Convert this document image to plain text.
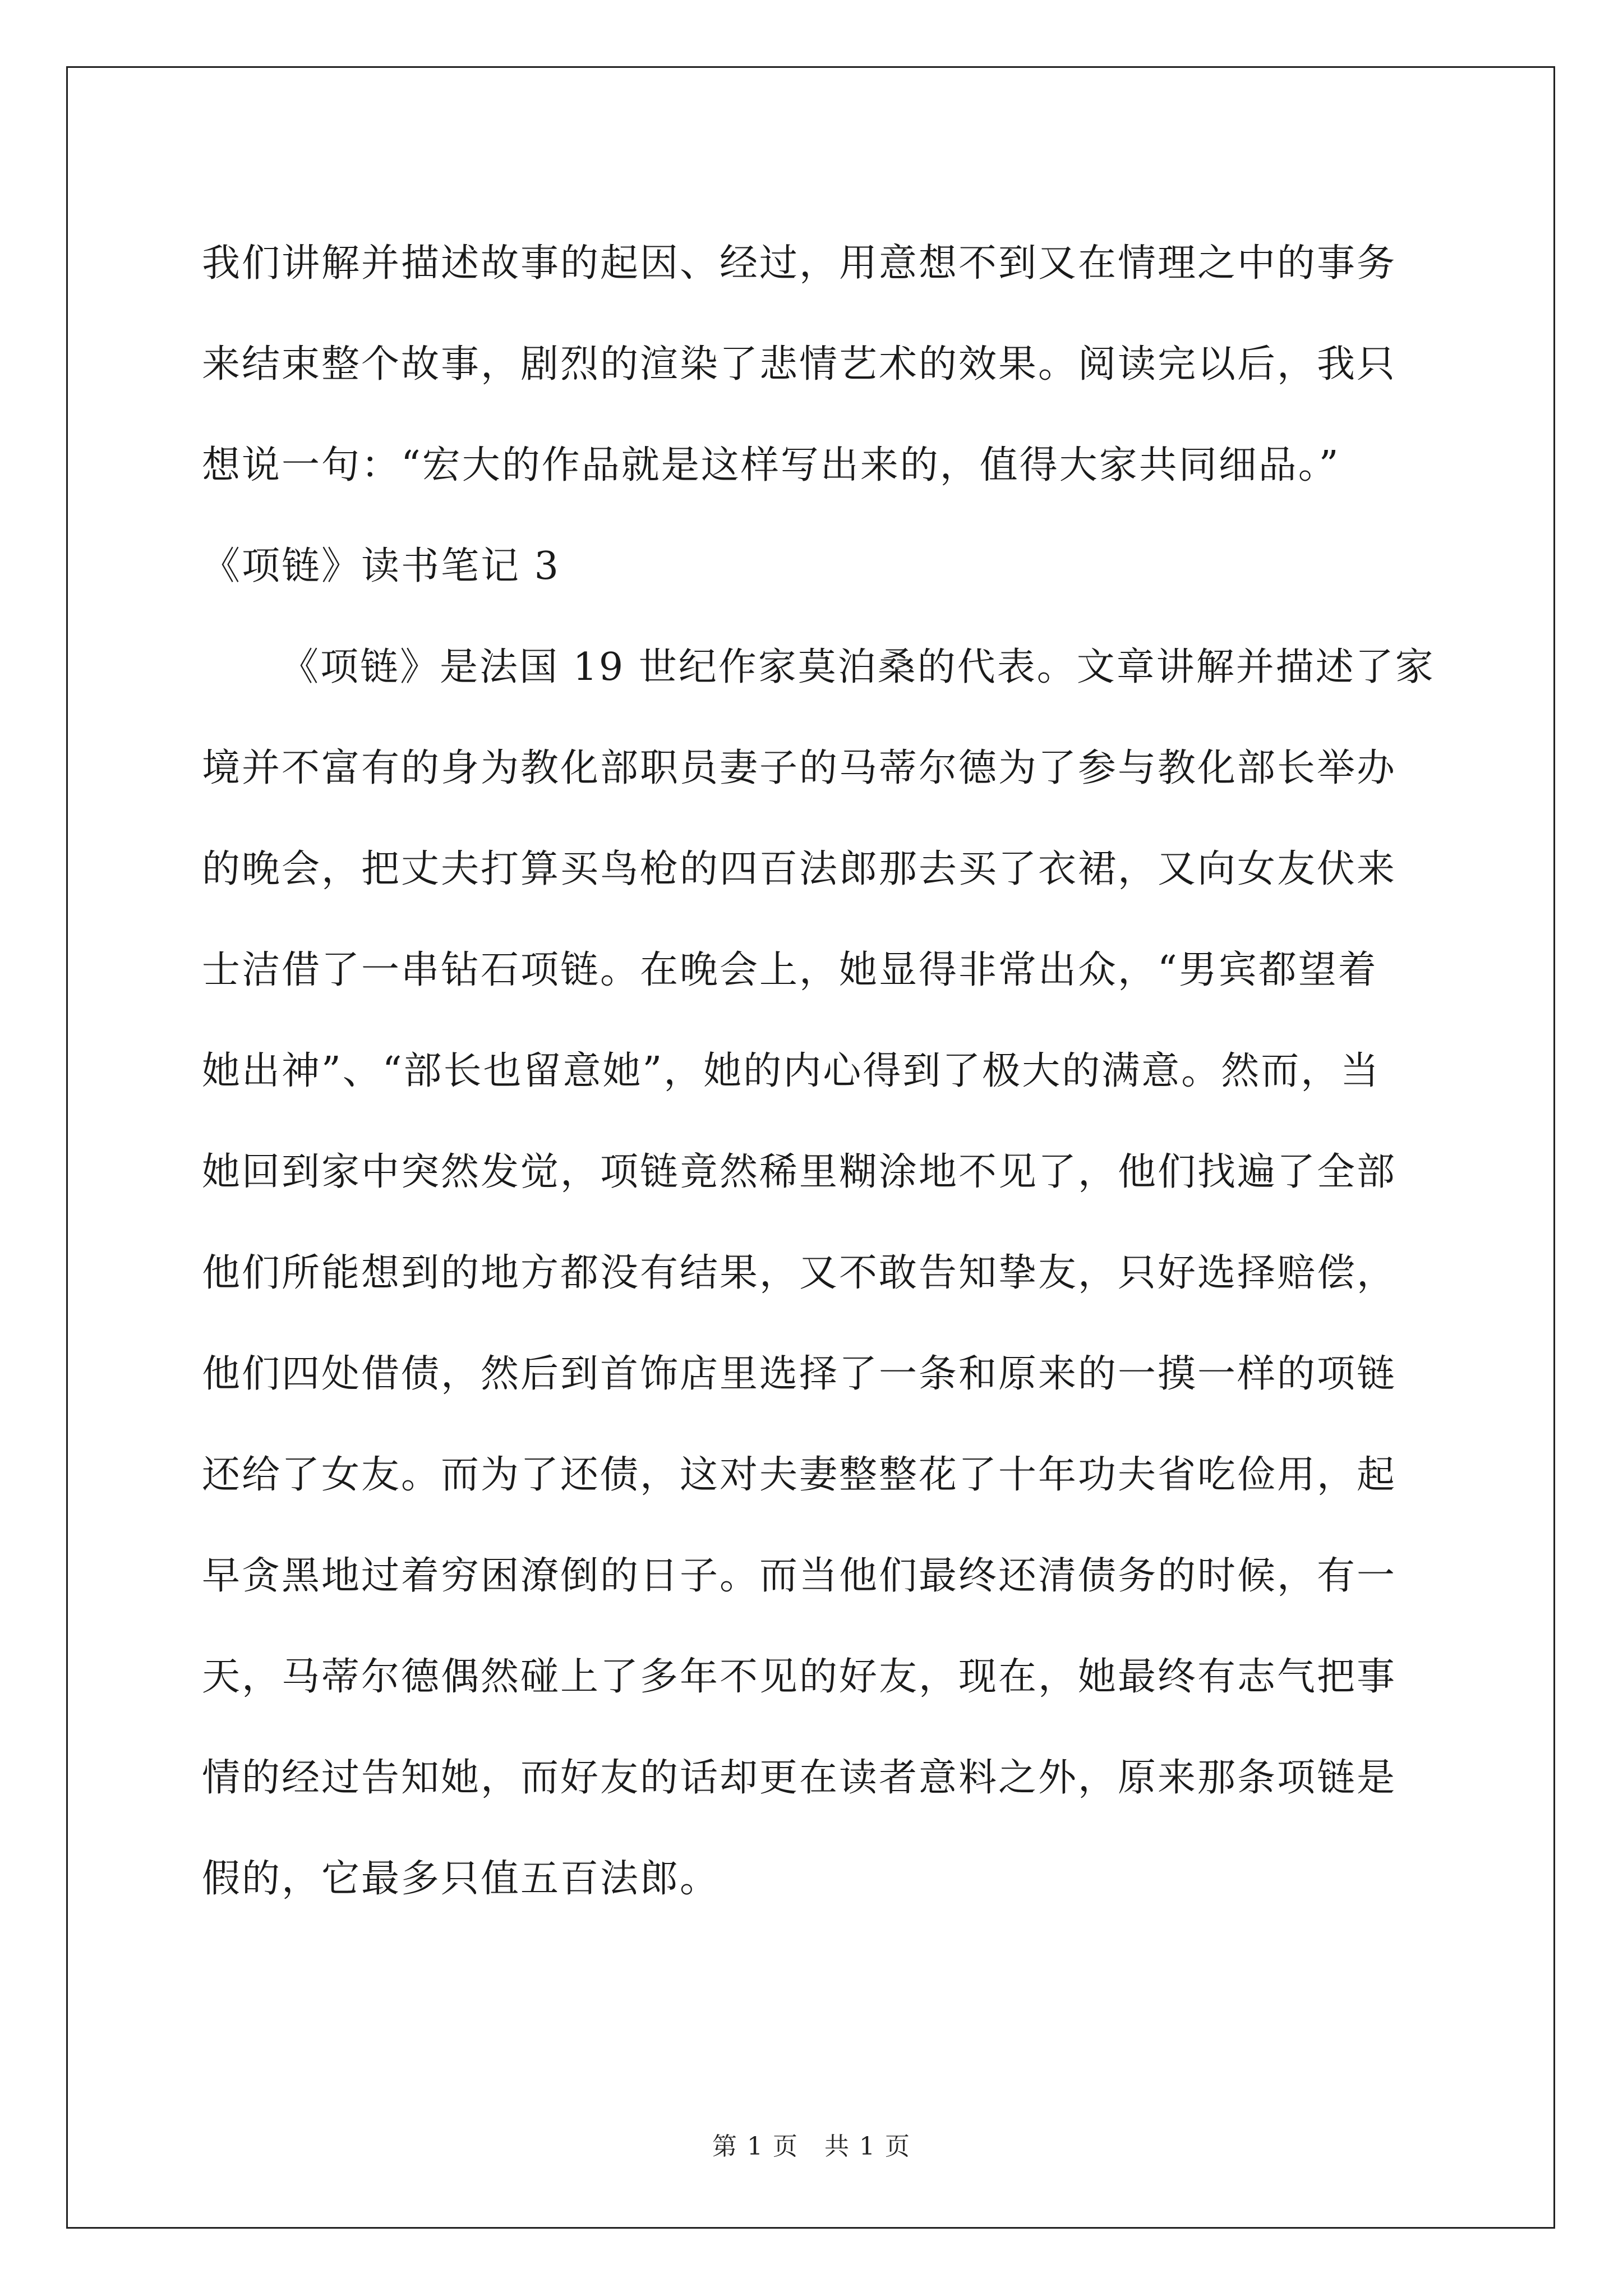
我们讲解并描述故事的起因、经过，用意想不到又在情理之中的事务
来结束整个故事，剧烈的渲染了悲情艺术的效果。阅读完以后，我只
想说一句：“宏大的作品就是这样写出来的，值得大家共同细品。”
《项链》读书笔记 3
《项链》是法国 19 世纪作家莫泊桑的代表。文章讲解并描述了家
境并不富有的身为教化部职员妻子的马蒂尔德为了参与教化部长举办
的晚会，把丈夫打算买鸟枪的四百法郎那去买了衣裙，又向女友伏来
士洁借了一串钻石项链。在晚会上，她显得非常出众，“男宾都望着
她出神”、“部长也留意她”，她的内心得到了极大的满意。然而，当
她回到家中突然发觉，项链竟然稀里糊涂地不见了，他们找遍了全部
他们所能想到的地方都没有结果，又不敢告知挚友，只好选择赔偿，
他们四处借债，然后到首饰店里选择了一条和原来的一摸一样的项链
还给了女友。而为了还债，这对夫妻整整花了十年功夫省吃俭用，起
早贪黑地过着穷困潦倒的日子。而当他们最终还清债务的时候，有一
天，马蒂尔德偶然碰上了多年不见的好友，现在，她最终有志气把事
情的经过告知她，而好友的话却更在读者意料之外，原来那条项链是
假的，它最多只值五百法郎。
第 1 页　共 1 页
